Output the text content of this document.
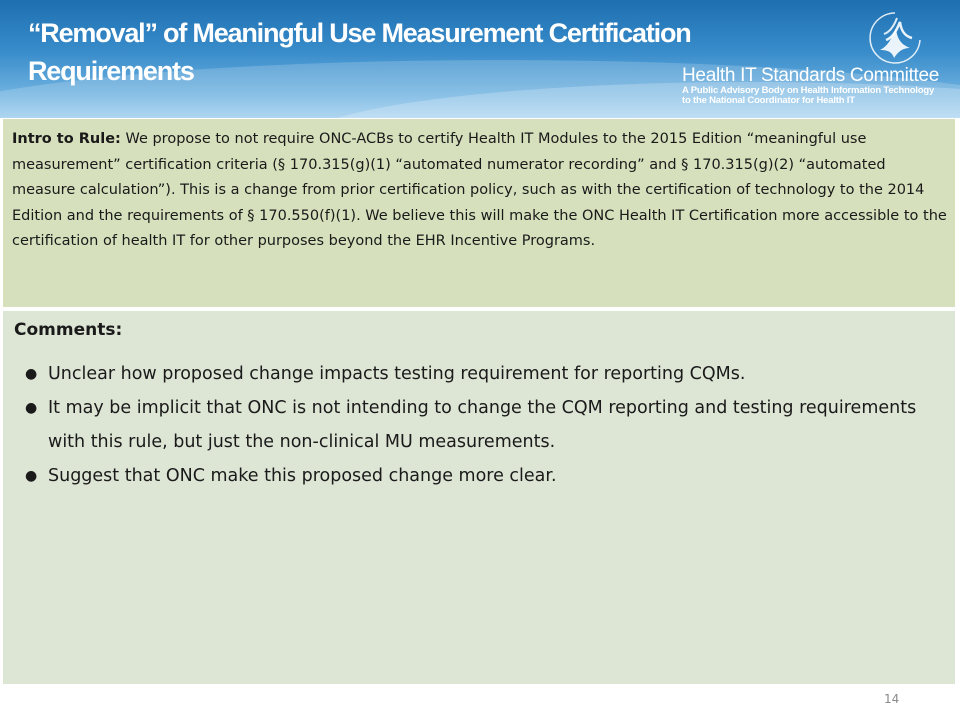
“Removal” of Meaningful Use Measurement Certification Requirements	Health IT Standards Committee
A Public Advisory Body on Health Information Technology
to the National Coordinator for Health IT
Intro to Rule: We propose to not require ONC-ACBs to certify Health IT Modules to the 2015 Edition “meaningful use measurement” certification criteria (§ 170.315(g)(1) “automated numerator recording” and § 170.315(g)(2) “automated measure calculation”). This is a change from prior certification policy, such as with the certification of technology to the 2014 Edition and the requirements of § 170.550(f)(1). We believe this will make the ONC Health IT Certification more accessible to the certification of health IT for other purposes beyond the EHR Incentive Programs.
Comments:
● Unclear how proposed change impacts testing requirement for reporting CQMs.
● It may be implicit that ONC is not intending to change the CQM reporting and testing requirements with this rule, but just the non-clinical MU measurements.
● Suggest that ONC make this proposed change more clear.
14
